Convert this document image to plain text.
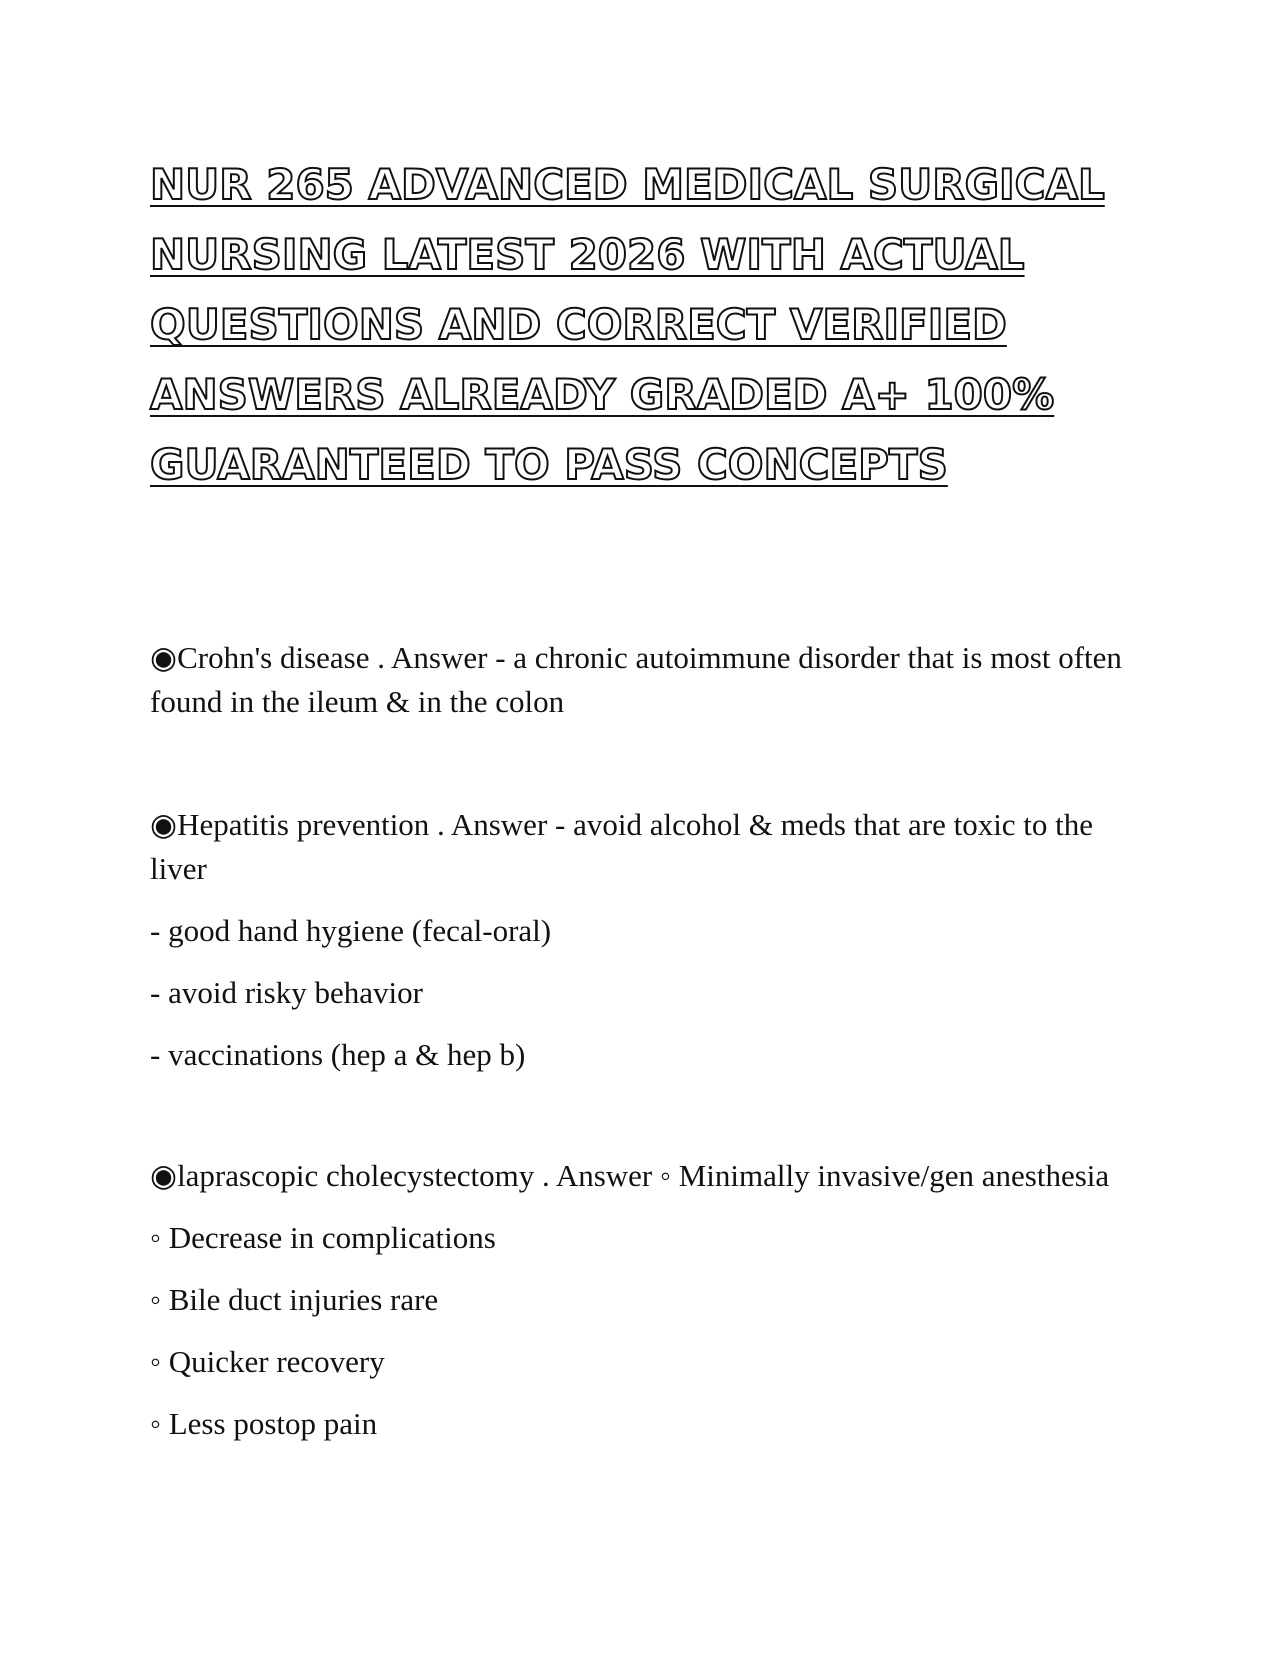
NUR 265 ADVANCED MEDICAL SURGICAL
NURSING LATEST 2026 WITH ACTUAL
QUESTIONS AND CORRECT VERIFIED
ANSWERS ALREADY GRADED A+ 100%
GUARANTEED TO PASS CONCEPTS

◉Crohn's disease . Answer - a chronic autoimmune disorder that is most often found in the ileum & in the colon

◉Hepatitis prevention . Answer - avoid alcohol & meds that are toxic to the liver

- good hand hygiene (fecal-oral)

- avoid risky behavior

- vaccinations (hep a & hep b)

◉laprascopic cholecystectomy . Answer ◦ Minimally invasive/gen anesthesia

◦ Decrease in complications

◦ Bile duct injuries rare

◦ Quicker recovery

◦ Less postop pain
